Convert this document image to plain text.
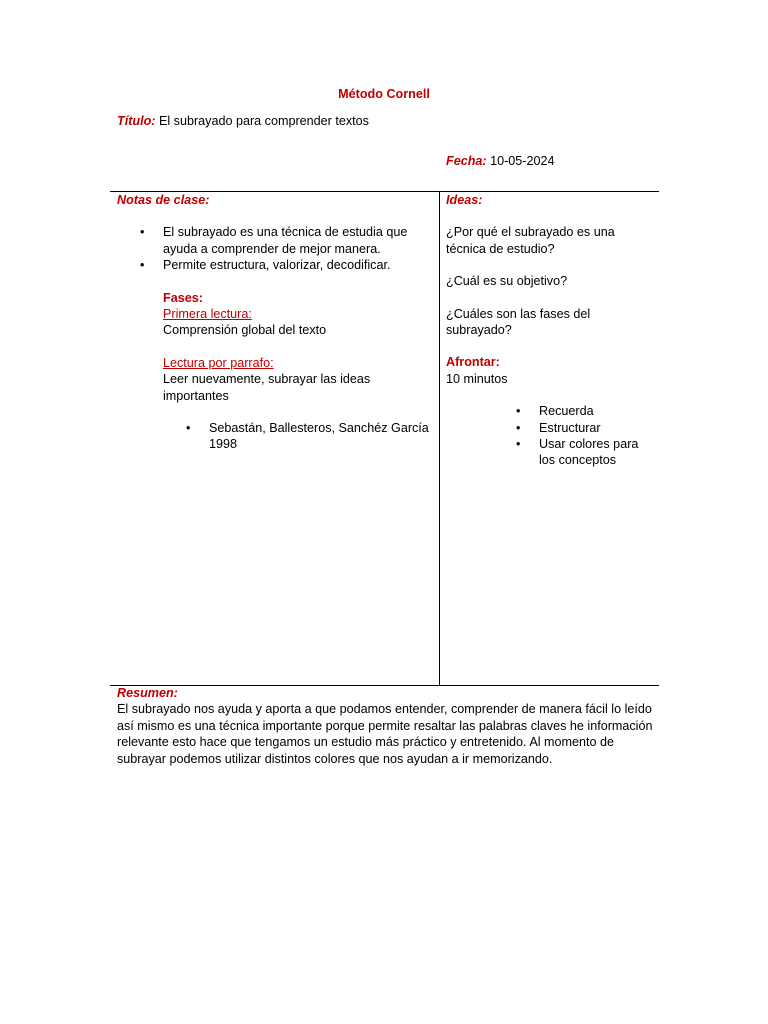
Método Cornell
Título: El subrayado para comprender textos
Fecha: 10-05-2024
Notas de clase:
• El subrayado es una técnica de estudia que ayuda a comprender de mejor manera.
• Permite estructura, valorizar, decodificar.
Fases:
Primera lectura:
Comprensión global del texto
Lectura por parrafo:
Leer nuevamente, subrayar las ideas importantes
• Sebastán, Ballesteros, Sanchéz García 1998
Ideas:
¿Por qué el subrayado es una técnica de estudio?
¿Cuál es su objetivo?
¿Cuáles son las fases del subrayado?
Afrontar:
10 minutos
• Recuerda
• Estructurar
• Usar colores para los conceptos
Resumen:
El subrayado nos ayuda y aporta a que podamos entender, comprender de manera fácil lo leído así mismo es una técnica importante porque permite resaltar las palabras claves he información relevante esto hace que tengamos un estudio más práctico y entretenido. Al momento de subrayar podemos utilizar distintos colores que nos ayudan a ir memorizando.
